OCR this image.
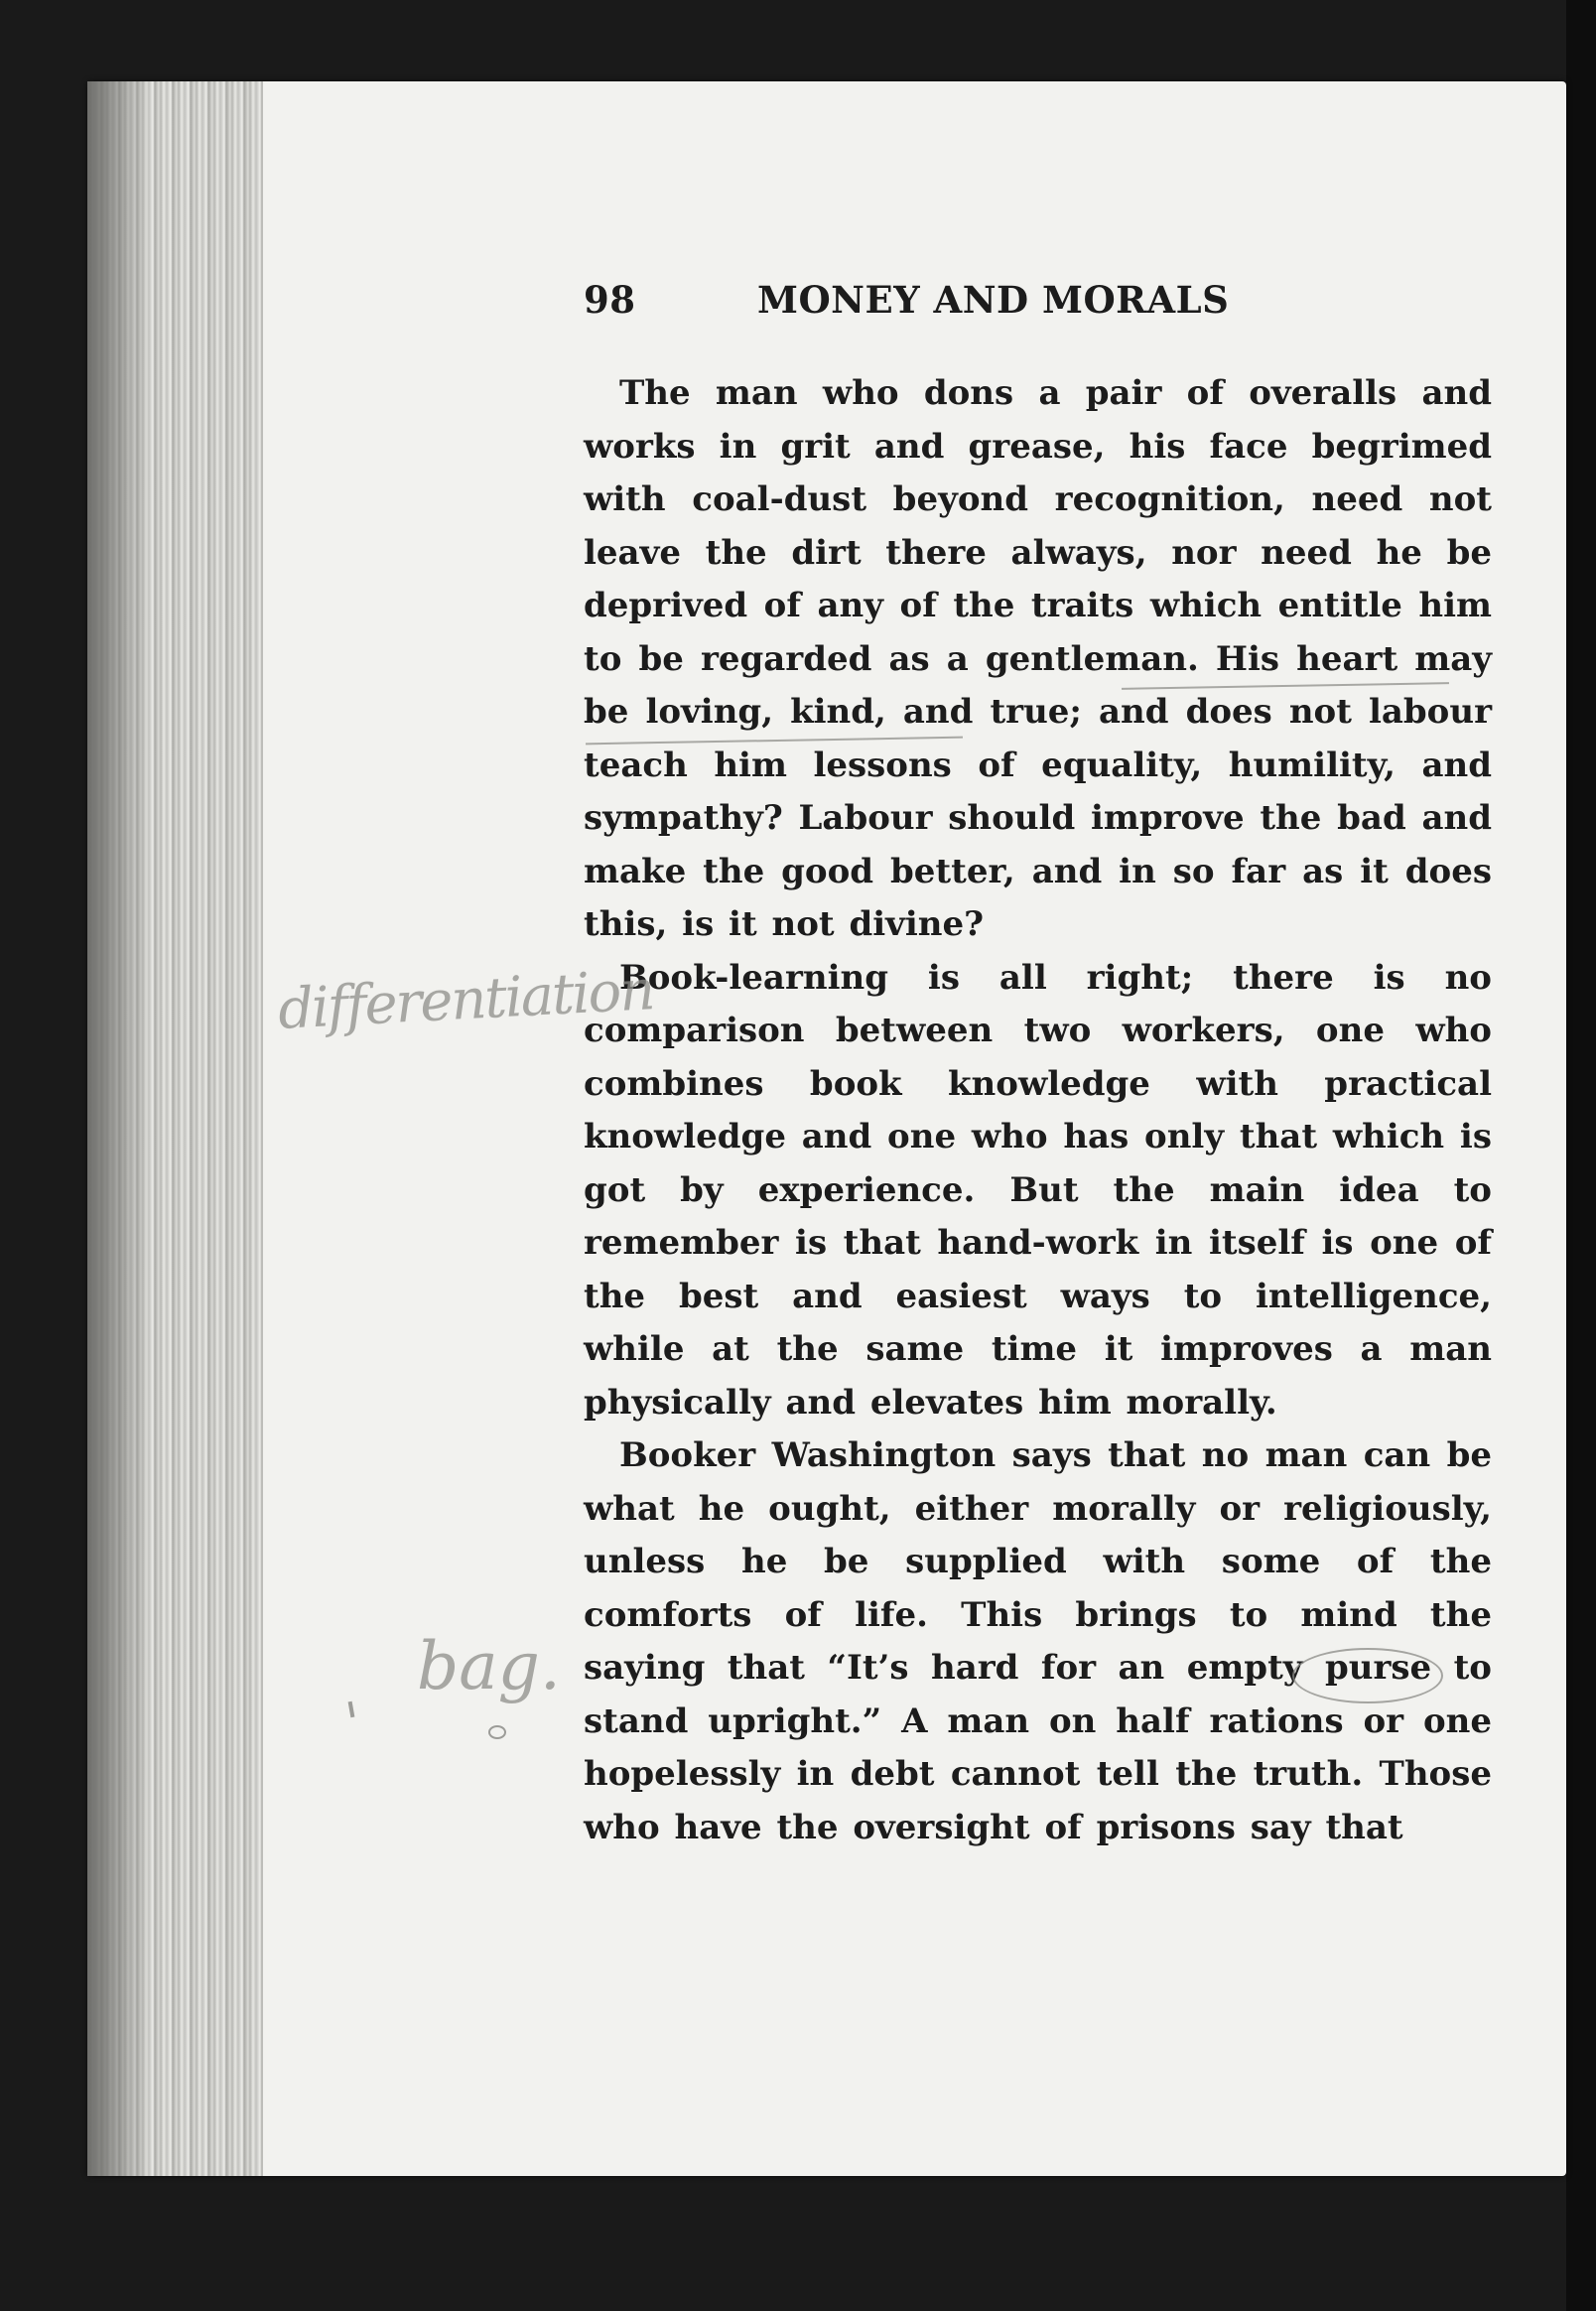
98	MONEY AND MORALS

The man who dons a pair of overalls and works in grit and grease, his face begrimed with coal-dust beyond recognition, need not leave the dirt there always, nor need he be deprived of any of the traits which entitle him to be regarded as a gentleman. His heart may be loving, kind, and true; and does not labour teach him lessons of equality, humility, and sympathy? Labour should improve the bad and make the good better, and in so far as it does this, is it not divine?

Book-learning is all right; there is no comparison between two workers, one who combines book knowledge with practical knowledge and one who has only that which is got by experience. But the main idea to remember is that hand-work in itself is one of the best and easiest ways to intelligence, while at the same time it improves a man physically and elevates him morally.

Booker Washington says that no man can be what he ought, either morally or religiously, unless he be supplied with some of the comforts of life. This brings to mind the saying that “It’s hard for an empty purse to stand upright.” A man on half rations or one hopelessly in debt cannot tell the truth. Those who have the oversight of prisons say that

differentiation
bag.
